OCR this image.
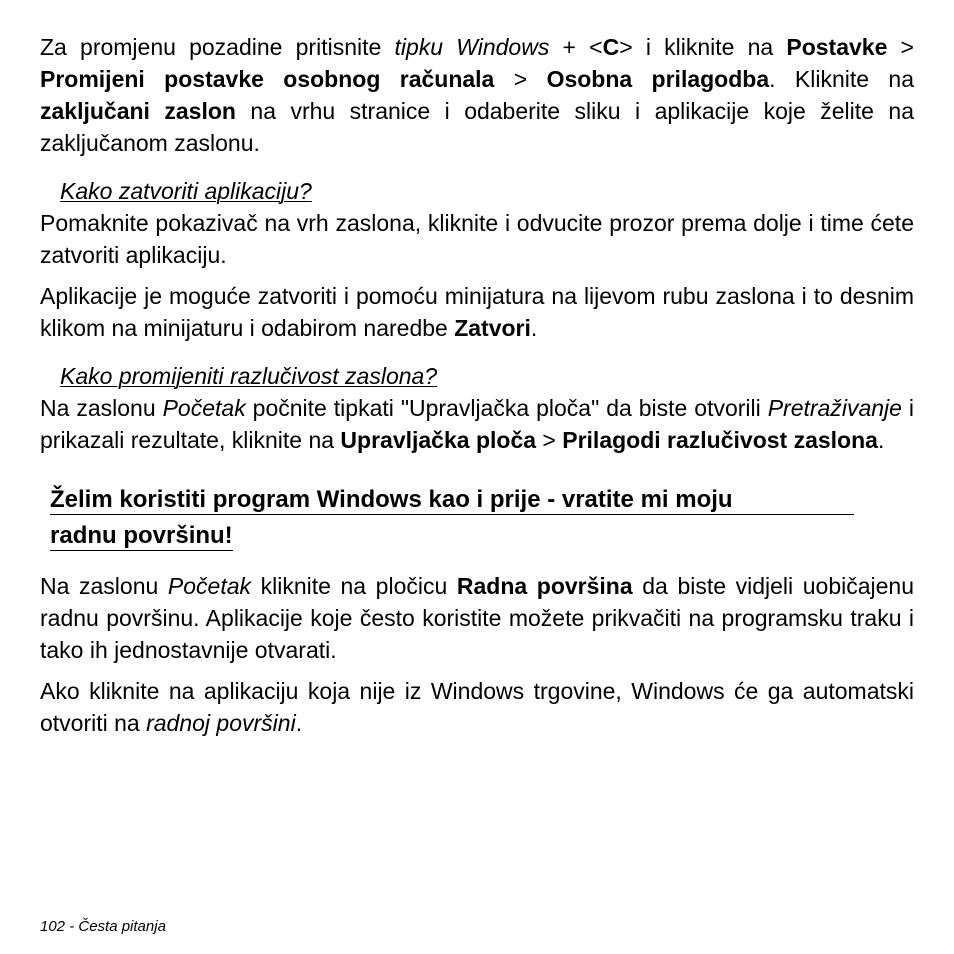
Za promjenu pozadine pritisnite tipku Windows + <C> i kliknite na Postavke > Promijeni postavke osobnog računala > Osobna prilagodba. Kliknite na zaključani zaslon na vrhu stranice i odaberite sliku i aplikacije koje želite na zaključanom zaslonu.

Kako zatvoriti aplikaciju?

Pomaknite pokazivač na vrh zaslona, kliknite i odvucite prozor prema dolje i time ćete zatvoriti aplikaciju.

Aplikacije je moguće zatvoriti i pomoću minijatura na lijevom rubu zaslona i to desnim klikom na minijaturu i odabirom naredbe Zatvori.

Kako promijeniti razlučivost zaslona?

Na zaslonu Početak počnite tipkati "Upravljačka ploča" da biste otvorili Pretraživanje i prikazali rezultate, kliknite na Upravljačka ploča > Prilagodi razlučivost zaslona.

Želim koristiti program Windows kao i prije - vratite mi moju
radnu površinu!

Na zaslonu Početak kliknite na pločicu Radna površina da biste vidjeli uobičajenu radnu površinu. Aplikacije koje često koristite možete prikvačiti na programsku traku i tako ih jednostavnije otvarati.

Ako kliknite na aplikaciju koja nije iz Windows trgovine, Windows će ga automatski otvoriti na radnoj površini.

102 - Česta pitanja
